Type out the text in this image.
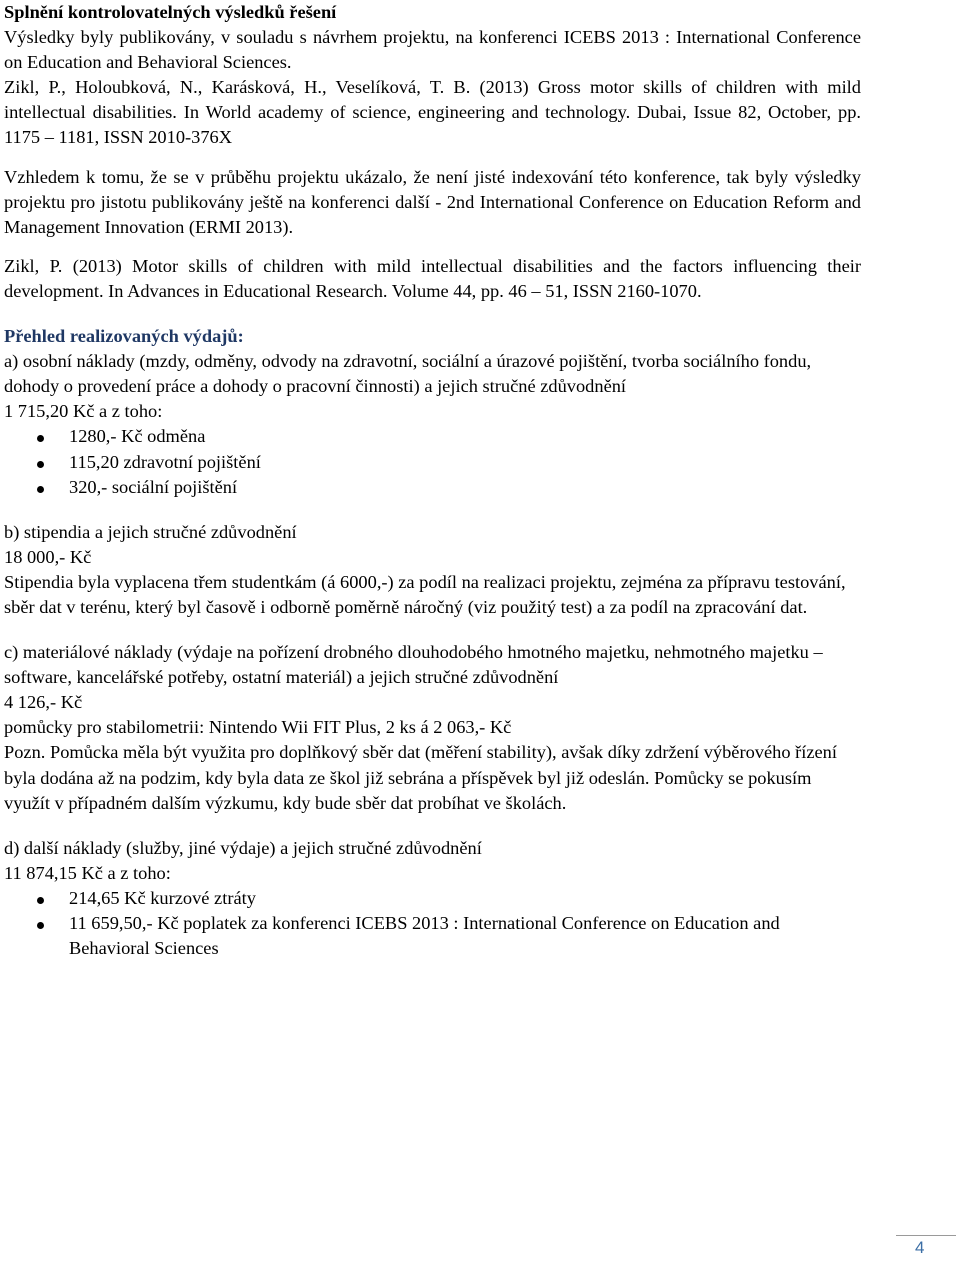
Splnění kontrolovatelných výsledků řešení

Výsledky byly publikovány, v souladu s návrhem projektu, na konferenci ICEBS 2013 : International Conference on Education and Behavioral Sciences.

Zikl, P., Holoubková, N., Karásková, H., Veselíková, T. B. (2013) Gross motor skills of children with mild intellectual disabilities. In World academy of science, engineering and technology. Dubai, Issue 82, October, pp. 1175 – 1181, ISSN 2010-376X

Vzhledem k tomu, že se v průběhu projektu ukázalo, že není jisté indexování této konference, tak byly výsledky projektu pro jistotu publikovány ještě na konferenci další - 2nd International Conference on Education Reform and Management Innovation (ERMI 2013).

Zikl, P. (2013) Motor skills of children with mild intellectual disabilities and the factors influencing their development. In Advances in Educational Research. Volume 44, pp. 46 – 51, ISSN 2160-1070.

Přehled realizovaných výdajů:

a) osobní náklady (mzdy, odměny, odvody na zdravotní, sociální a úrazové pojištění, tvorba sociálního fondu, dohody o provedení práce a dohody o pracovní činnosti) a jejich stručné zdůvodnění

1 715,20 Kč a z toho:
1280,- Kč odměna
115,20 zdravotní pojištění
320,- sociální pojištění
b) stipendia a jejich stručné zdůvodnění
18 000,- Kč

Stipendia byla vyplacena třem studentkám (á 6000,-) za podíl na realizaci projektu, zejména za přípravu testování, sběr dat v terénu, který byl časově i odborně poměrně náročný (viz použitý test) a za podíl na zpracování dat.

c) materiálové náklady (výdaje na pořízení drobného dlouhodobého hmotného majetku, nehmotného majetku – software, kancelářské potřeby, ostatní materiál) a jejich stručné zdůvodnění

4 126,- Kč
pomůcky pro stabilometrii: Nintendo Wii FIT Plus, 2 ks á 2 063,- Kč

Pozn. Pomůcka měla být využita pro doplňkový sběr dat (měření stability), avšak díky zdržení výběrového řízení byla dodána až na podzim, kdy byla data ze škol již sebrána a příspěvek byl již odeslán. Pomůcky se pokusím využít v případném dalším výzkumu, kdy bude sběr dat probíhat ve školách.

d) další náklady (služby, jiné výdaje) a jejich stručné zdůvodnění
11 874,15 Kč a z toho:
214,65 Kč kurzové ztráty
11 659,50,- Kč poplatek za konferenci ICEBS 2013 : International Conference on Education and Behavioral Sciences
4
